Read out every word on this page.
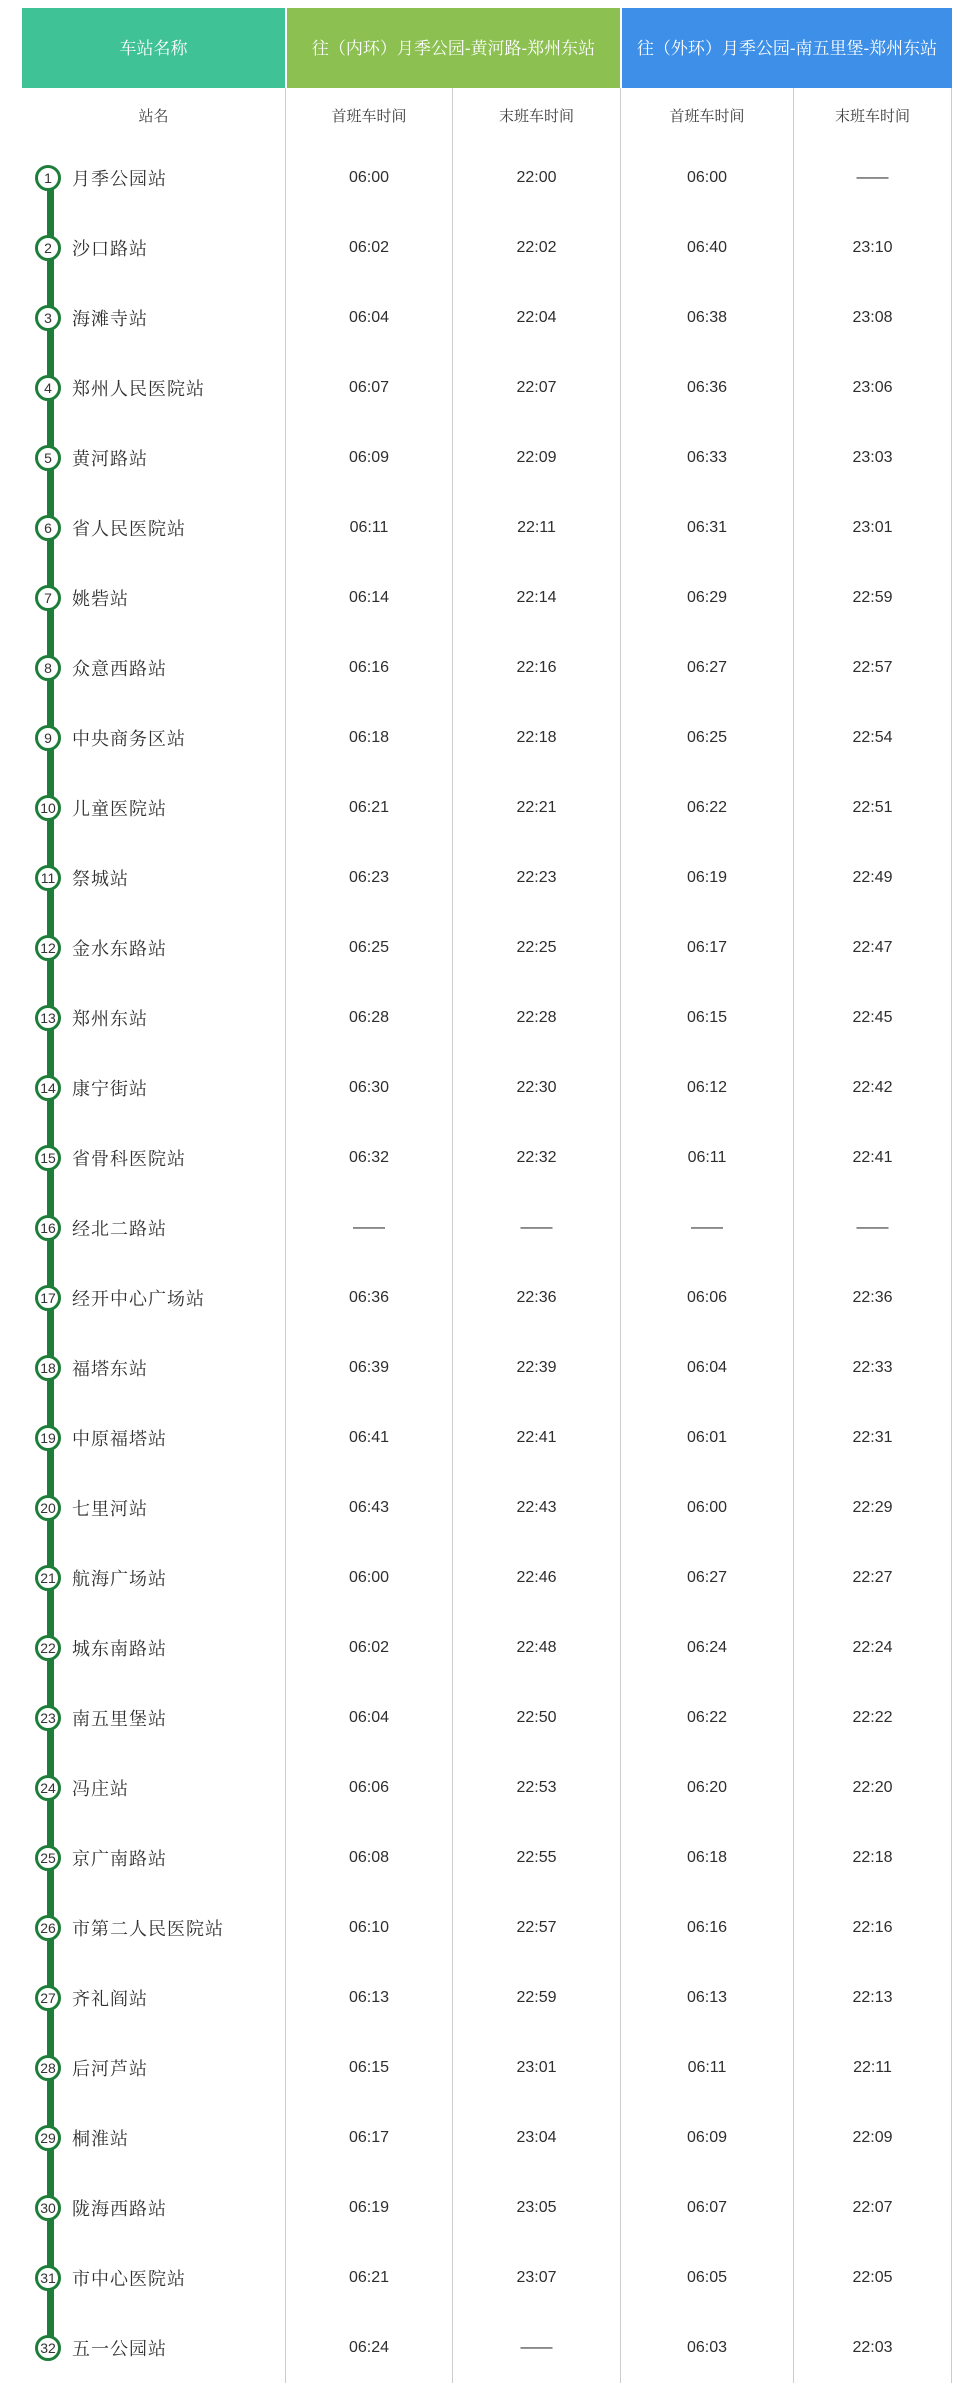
车站名称	往（内环）月季公园-黄河路-郑州东站	往（外环）月季公园-南五里堡-郑州东站
站名	首班车时间	末班车时间	首班车时间	末班车时间
1 月季公园站	06:00	22:00	06:00	——
2 沙口路站	06:02	22:02	06:40	23:10
3 海滩寺站	06:04	22:04	06:38	23:08
4 郑州人民医院站	06:07	22:07	06:36	23:06
5 黄河路站	06:09	22:09	06:33	23:03
6 省人民医院站	06:11	22:11	06:31	23:01
7 姚砦站	06:14	22:14	06:29	22:59
8 众意西路站	06:16	22:16	06:27	22:57
9 中央商务区站	06:18	22:18	06:25	22:54
10 儿童医院站	06:21	22:21	06:22	22:51
11 祭城站	06:23	22:23	06:19	22:49
12 金水东路站	06:25	22:25	06:17	22:47
13 郑州东站	06:28	22:28	06:15	22:45
14 康宁街站	06:30	22:30	06:12	22:42
15 省骨科医院站	06:32	22:32	06:11	22:41
16 经北二路站	——	——	——	——
17 经开中心广场站	06:36	22:36	06:06	22:36
18 福塔东站	06:39	22:39	06:04	22:33
19 中原福塔站	06:41	22:41	06:01	22:31
20 七里河站	06:43	22:43	06:00	22:29
21 航海广场站	06:00	22:46	06:27	22:27
22 城东南路站	06:02	22:48	06:24	22:24
23 南五里堡站	06:04	22:50	06:22	22:22
24 冯庄站	06:06	22:53	06:20	22:20
25 京广南路站	06:08	22:55	06:18	22:18
26 市第二人民医院站	06:10	22:57	06:16	22:16
27 齐礼阎站	06:13	22:59	06:13	22:13
28 后河芦站	06:15	23:01	06:11	22:11
29 桐淮站	06:17	23:04	06:09	22:09
30 陇海西路站	06:19	23:05	06:07	22:07
31 市中心医院站	06:21	23:07	06:05	22:05
32 五一公园站	06:24	——	06:03	22:03
